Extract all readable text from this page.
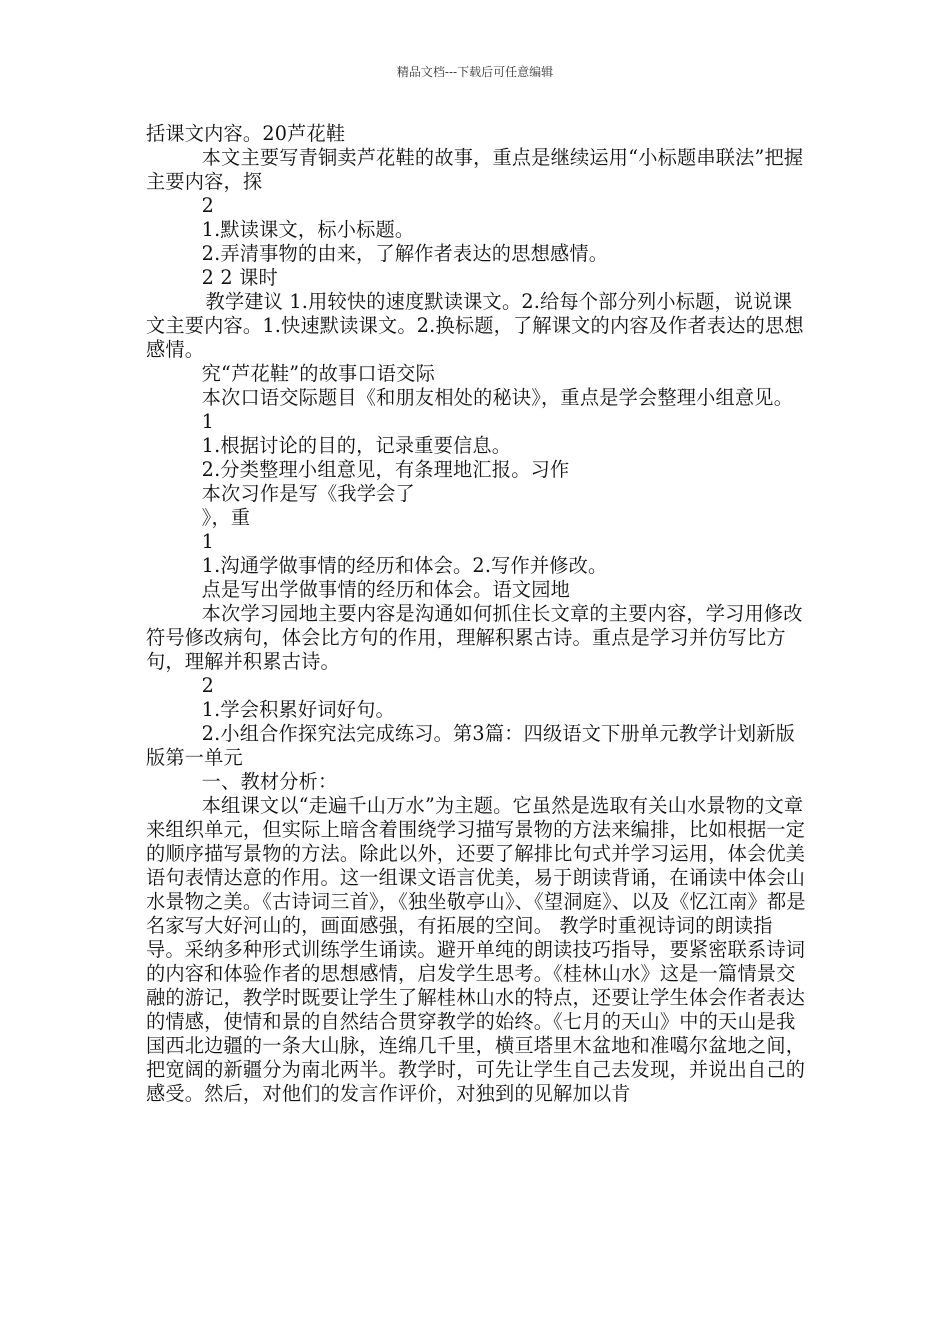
精品文档---下载后可任意编辑

括课文内容。20芦花鞋

本文主要写青铜卖芦花鞋的故事，重点是继续运用“小标题串联法”把握主要内容，探

2

1.默读课文，标小标题。

2.弄清事物的由来，了解作者表达的思想感情。

2 2 课时

教学建议 1.用较快的速度默读课文。2.给每个部分列小标题，说说课文主要内容。1.快速默读课文。2.换标题，了解课文的内容及作者表达的思想感情。

究“芦花鞋”的故事口语交际

本次口语交际题目《和朋友相处的秘诀》，重点是学会整理小组意见。

1

1.根据讨论的目的，记录重要信息。

2.分类整理小组意见，有条理地汇报。习作

本次习作是写《我学会了

》，重

1

1.沟通学做事情的经历和体会。2.写作并修改。

点是写出学做事情的经历和体会。语文园地

本次学习园地主要内容是沟通如何抓住长文章的主要内容，学习用修改符号修改病句，体会比方句的作用，理解积累古诗。重点是学习并仿写比方句，理解并积累古诗。

2

1.学会积累好词好句。

2.小组合作探究法完成练习。第3篇：四级语文下册单元教学计划新版版第一单元

一、教材分析：

本组课文以“走遍千山万水”为主题。它虽然是选取有关山水景物的文章来组织单元，但实际上暗含着围绕学习描写景物的方法来编排，比如根据一定的顺序描写景物的方法。除此以外，还要了解排比句式并学习运用，体会优美语句表情达意的作用。这一组课文语言优美，易于朗读背诵，在诵读中体会山水景物之美。《古诗词三首》，《独坐敬亭山》、《望洞庭》、以及《忆江南》都是名家写大好河山的，画面感强，有拓展的空间。 教学时重视诗词的朗读指导。采纳多种形式训练学生诵读。避开单纯的朗读技巧指导，要紧密联系诗词的内容和体验作者的思想感情，启发学生思考。《桂林山水》这是一篇情景交融的游记，教学时既要让学生了解桂林山水的特点，还要让学生体会作者表达的情感，使情和景的自然结合贯穿教学的始终。《七月的天山》中的天山是我国西北边疆的一条大山脉，连绵几千里，横亘塔里木盆地和准噶尔盆地之间，把宽阔的新疆分为南北两半。教学时，可先让学生自己去发现，并说出自己的感受。然后，对他们的发言作评价，对独到的见解加以肯
